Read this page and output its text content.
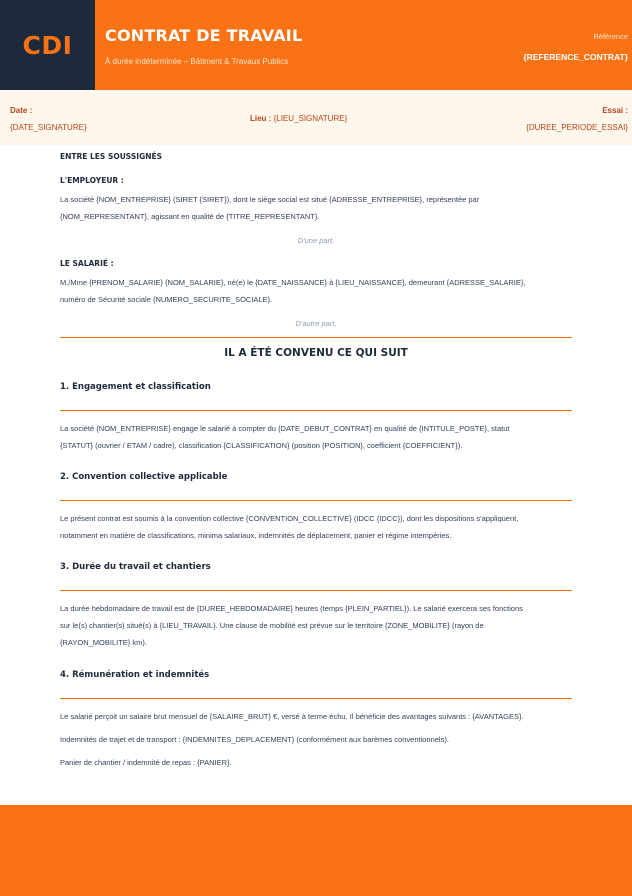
CDI CONTRAT DE TRAVAIL
À durée indéterminée – Bâtiment & Travaux Publics
Référence
{REFERENCE_CONTRAT}
Date :
{DATE_SIGNATURE}
Lieu : {LIEU_SIGNATURE}
Essai :
{DUREE_PERIODE_ESSAI}
ENTRE LES SOUSSIGNÉS
L'EMPLOYEUR :
La société {NOM_ENTREPRISE} (SIRET {SIRET}), dont le siège social est situé {ADRESSE_ENTREPRISE}, représentée par
{NOM_REPRESENTANT}, agissant en qualité de {TITRE_REPRESENTANT}.
D'une part,
LE SALARIÉ :
M./Mme {PRENOM_SALARIE} {NOM_SALARIE}, né(e) le {DATE_NAISSANCE} à {LIEU_NAISSANCE}, demeurant {ADRESSE_SALARIE},
numéro de Sécurité sociale {NUMERO_SECURITE_SOCIALE}.
D'autre part,
IL A ÉTÉ CONVENU CE QUI SUIT
1. Engagement et classification
La société {NOM_ENTREPRISE} engage le salarié à compter du {DATE_DEBUT_CONTRAT} en qualité de {INTITULE_POSTE}, statut
{STATUT} (ouvrier / ETAM / cadre), classification {CLASSIFICATION} (position {POSITION}, coefficient {COEFFICIENT}).
2. Convention collective applicable
Le présent contrat est soumis à la convention collective {CONVENTION_COLLECTIVE} (IDCC {IDCC}), dont les dispositions s'appliquent,
notamment en matière de classifications, minima salariaux, indemnités de déplacement, panier et régime intempéries.
3. Durée du travail et chantiers
La durée hebdomadaire de travail est de {DUREE_HEBDOMADAIRE} heures (temps {PLEIN_PARTIEL}). Le salarié exercera ses fonctions
sur le(s) chantier(s) situé(s) à {LIEU_TRAVAIL}. Une clause de mobilité est prévue sur le territoire {ZONE_MOBILITE} (rayon de
{RAYON_MOBILITE} km).
4. Rémunération et indemnités
Le salarié perçoit un salaire brut mensuel de {SALAIRE_BRUT} €, versé à terme échu. Il bénéficie des avantages suivants : {AVANTAGES}.
Indemnités de trajet et de transport : {INDEMNITES_DEPLACEMENT} (conformément aux barèmes conventionnels).
Panier de chantier / indemnité de repas : {PANIER}.
